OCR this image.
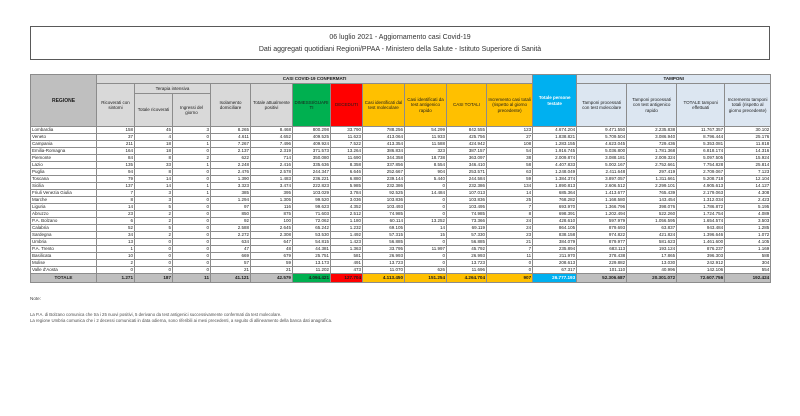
06 luglio 2021 - Aggiornamento casi Covid-19
Dati aggregati quotidiani Regioni/PPAA - Ministero della Salute - Istituto Superiore di Sanità
REGIONE	CASI COVID-19 CONFERMATI											Totale persone testate	TAMPONI			
	Ricoverati con sintomi	Terapia intensiva		Isolamento domiciliare	Totale attualmente positivi	DIMESSI/GUARITI	DECEDUTI	Casi identificati dal test molecolare	Casi identificati da test antigenico rapido	CASI TOTALI	Incremento casi totali (rispetto al giorno precedente)		Tamponi processati con test molecolare	Tamponi processati con test antigenico rapido	TOTALE tamponi effettuati	Incremento tamponi totali (rispetto al giorno precedente)
		Totale ricoverati	Ingressi del giorno													
Lombardia	158	45	3	8.265	8.468	800.298	33.790	788.256	54.299	842.555	123	4.674.204	9.471.550	2.235.838	11.767.357	30.102
Veneto	37	4	0	4.611	4.652	409.525	11.623	413.064	11.933	425.756	27	1.838.821	5.709.504	3.086.940	8.796.444	25.176
Campania	211	18	1	7.267	7.496	409.924	7.522	413.354	11.588	424.942	108	1.283.155	4.623.045	729.436	5.353.081	11.818
Emilia-Romagna	164	18	0	2.137	2.319	371.573	13.264	386.834	323	387.157	54	1.916.745	5.036.800	1.781.368	6.818.174	14.316
Piemonte	84	8	2	622	714	350.080	11.690	344.358	18.738	363.097	38	2.009.874	3.088.181	2.009.324	5.097.505	15.924
Lazio	135	33	1	2.248	2.416	335.636	8.358	337.856	8.554	346.410	58	4.407.833	5.002.167	2.752.661	7.754.828	25.814
Puglia	94	8	0	2.476	2.578	244.347	6.646	252.667	904	253.571	63	1.248.049	2.411.648	297.419	2.709.067	7.123
Toscana	79	14	0	1.390	1.483	236.221	6.880	239.144	5.440	244.584	59	1.384.374	3.897.057	1.311.661	5.208.718	12.104
Sicilia	137	14	1	3.323	3.474	222.823	5.985	232.386	0	232.386	134	1.890.813	2.606.512	2.299.101	4.905.613	14.127
Friuli Venezia Giulia	7	3	1	385	395	103.029	3.784	92.525	14.484	107.013	14	685.364	1.413.677	765.439	2.179.063	4.308
Marche	8	3	0	1.294	1.305	99.520	3.036	103.836	0	103.836	25	768.282	1.168.580	143.454	1.312.034	2.423
Liguria	14	5	0	97	116	99.623	4.352	103.493	0	103.495	7	693.970	1.366.796	398.076	1.786.872	5.195
Abruzzo	23	2	0	850	875	71.603	2.512	74.985	0	74.985	8	698.391	1.202.494	522.260	1.724.754	4.089
P.A. Bolzano	6	2	0	92	100	72.062	1.180	60.114	13.252	73.366	24	428.610	597.979	1.056.595	1.654.574	3.503
Calabria	52	5	0	2.588	2.645	65.242	1.232	69.105	14	69.119	24	864.105	879.693	63.837	943.484	1.285
Sardegna	34	2	0	2.272	2.308	53.530	1.492	57.315	15	57.330	23	838.158	974.822	421.824	1.396.646	1.072
Umbria	13	0	0	634	647	54.815	1.423	56.885	0	56.885	21	384.079	879.977	581.623	1.461.600	4.105
P.A. Trento	1	0	0	47	48	44.381	1.363	33.795	11.997	45.792	7	235.894	683.113	193.124	876.237	1.169
Basilicata	10	0	0	669	679	25.751	581	26.993	0	26.993	11	211.970	378.438	17.865	396.303	588
Molise	2	0	0	57	59	13.173	491	13.723	0	13.723	0	208.613	229.882	13.030	242.912	304
Valle d'Aosta	0	0	0	21	21	11.202	473	11.070	626	11.696	0	67.317	101.110	40.996	142.106	554
TOTALE	1.271	187	11	41.121	42.579	4.094.421	127.704	4.113.450	151.254	4.264.704	907	26.777.193	52.306.687	20.301.072	72.607.756	192.424
Note:
La P.A. di Bolzano comunica che tra i 25 nuovi positivi, 5 derivano da test antigenici successivamente confermati da test molecolare.
La regione Umbria comunica che i 2 decessi comunicati in data odierna, sono riferibili ai mesi precedenti, a seguito di allineamento della banca dati anagrafica.
